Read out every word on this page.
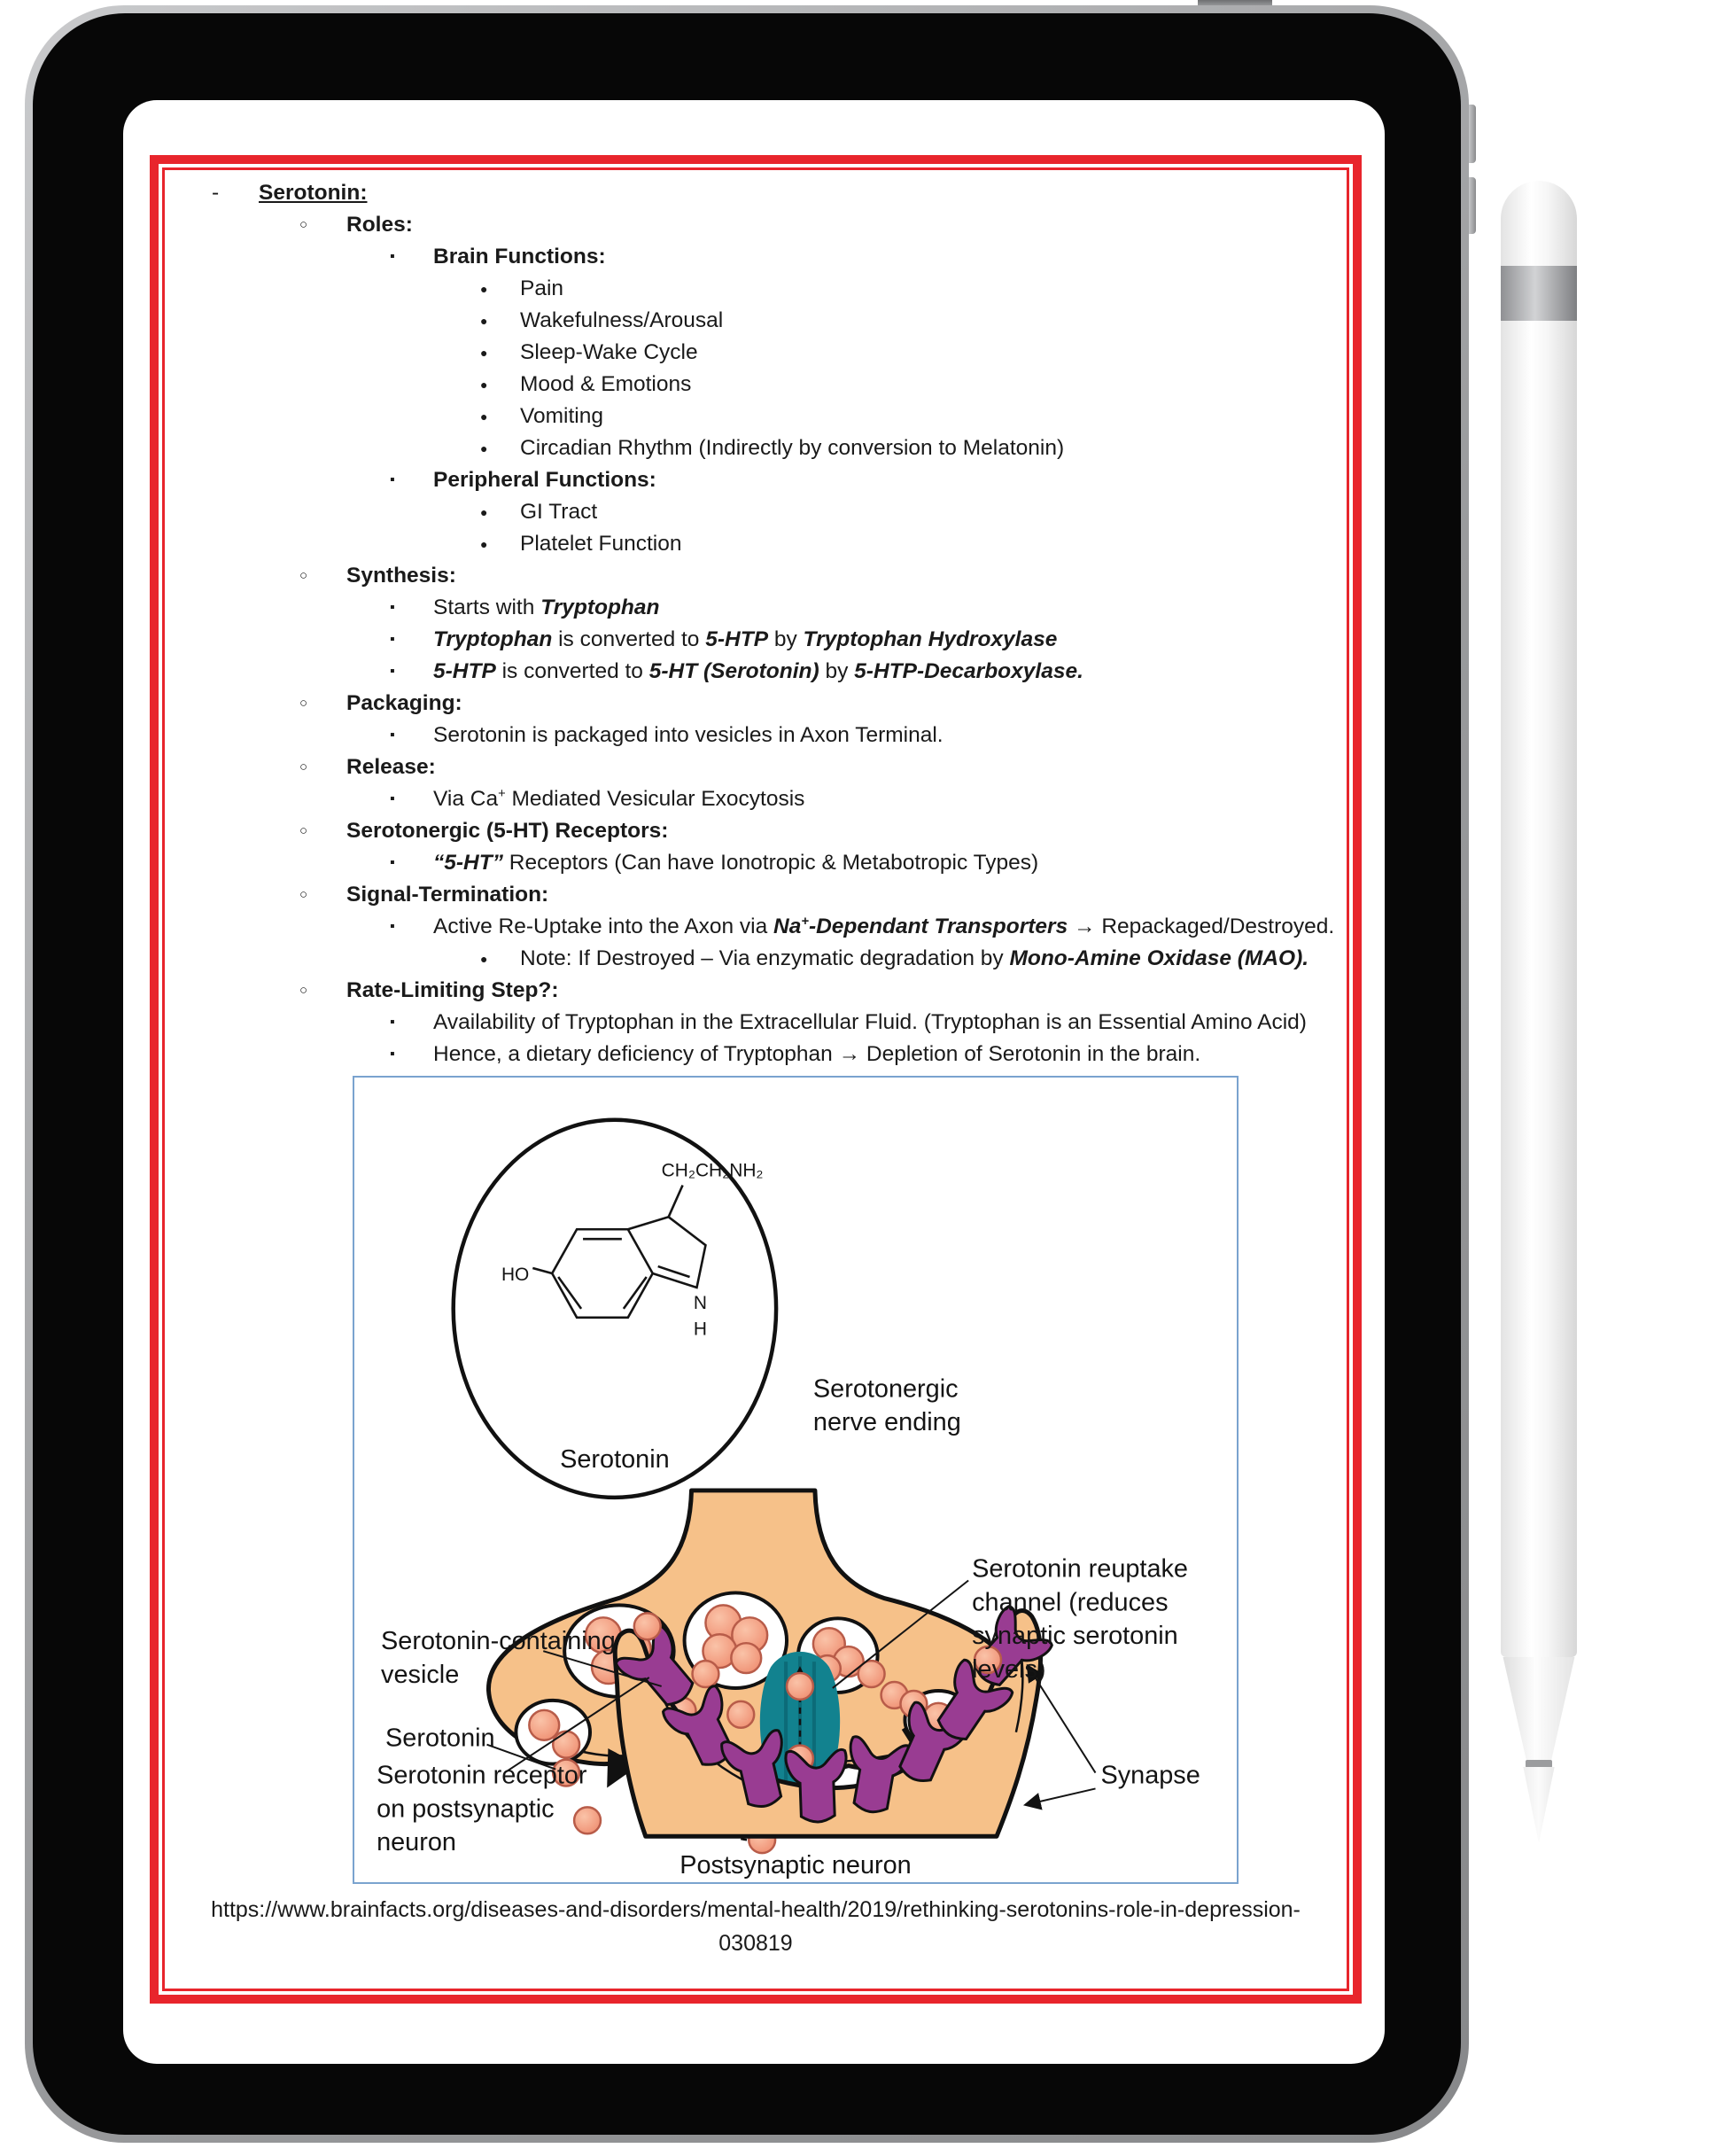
-	Serotonin:
○	Roles:
▪	Brain Functions:
●	Pain
●	Wakefulness/Arousal
●	Sleep-Wake Cycle
●	Mood & Emotions
●	Vomiting
●	Circadian Rhythm (Indirectly by conversion to Melatonin)
▪	Peripheral Functions:
●	GI Tract
●	Platelet Function
○	Synthesis:
▪	Starts with Tryptophan
▪	Tryptophan is converted to 5-HTP by Tryptophan Hydroxylase
▪	5-HTP is converted to 5-HT (Serotonin) by 5-HTP-Decarboxylase.
○	Packaging:
▪	Serotonin is packaged into vesicles in Axon Terminal.
○	Release:
▪	Via Ca+ Mediated Vesicular Exocytosis
○	Serotonergic (5-HT) Receptors:
▪	“5-HT” Receptors (Can have Ionotropic & Metabotropic Types)
○	Signal-Termination:
▪	Active Re-Uptake into the Axon via Na+-Dependant Transporters → Repackaged/Destroyed.
●	Note: If Destroyed – Via enzymatic degradation by Mono-Amine Oxidase (MAO).
○	Rate-Limiting Step?:
▪	Availability of Tryptophan in the Extracellular Fluid. (Tryptophan is an Essential Amino Acid)
▪	Hence, a dietary deficiency of Tryptophan → Depletion of Serotonin in the brain.
HO
CH₂CH₂NH₂
N
H
Serotonin
Serotonergic
nerve ending
Serotonin-containing
vesicle
Serotonin
Serotonin reuptake
channel (reduces
synaptic serotonin
levels)
Synapse
Serotonin receptor
on postsynaptic
neuron
Postsynaptic neuron
https://www.brainfacts.org/diseases-and-disorders/mental-health/2019/rethinking-serotonins-role-in-depression-
030819
